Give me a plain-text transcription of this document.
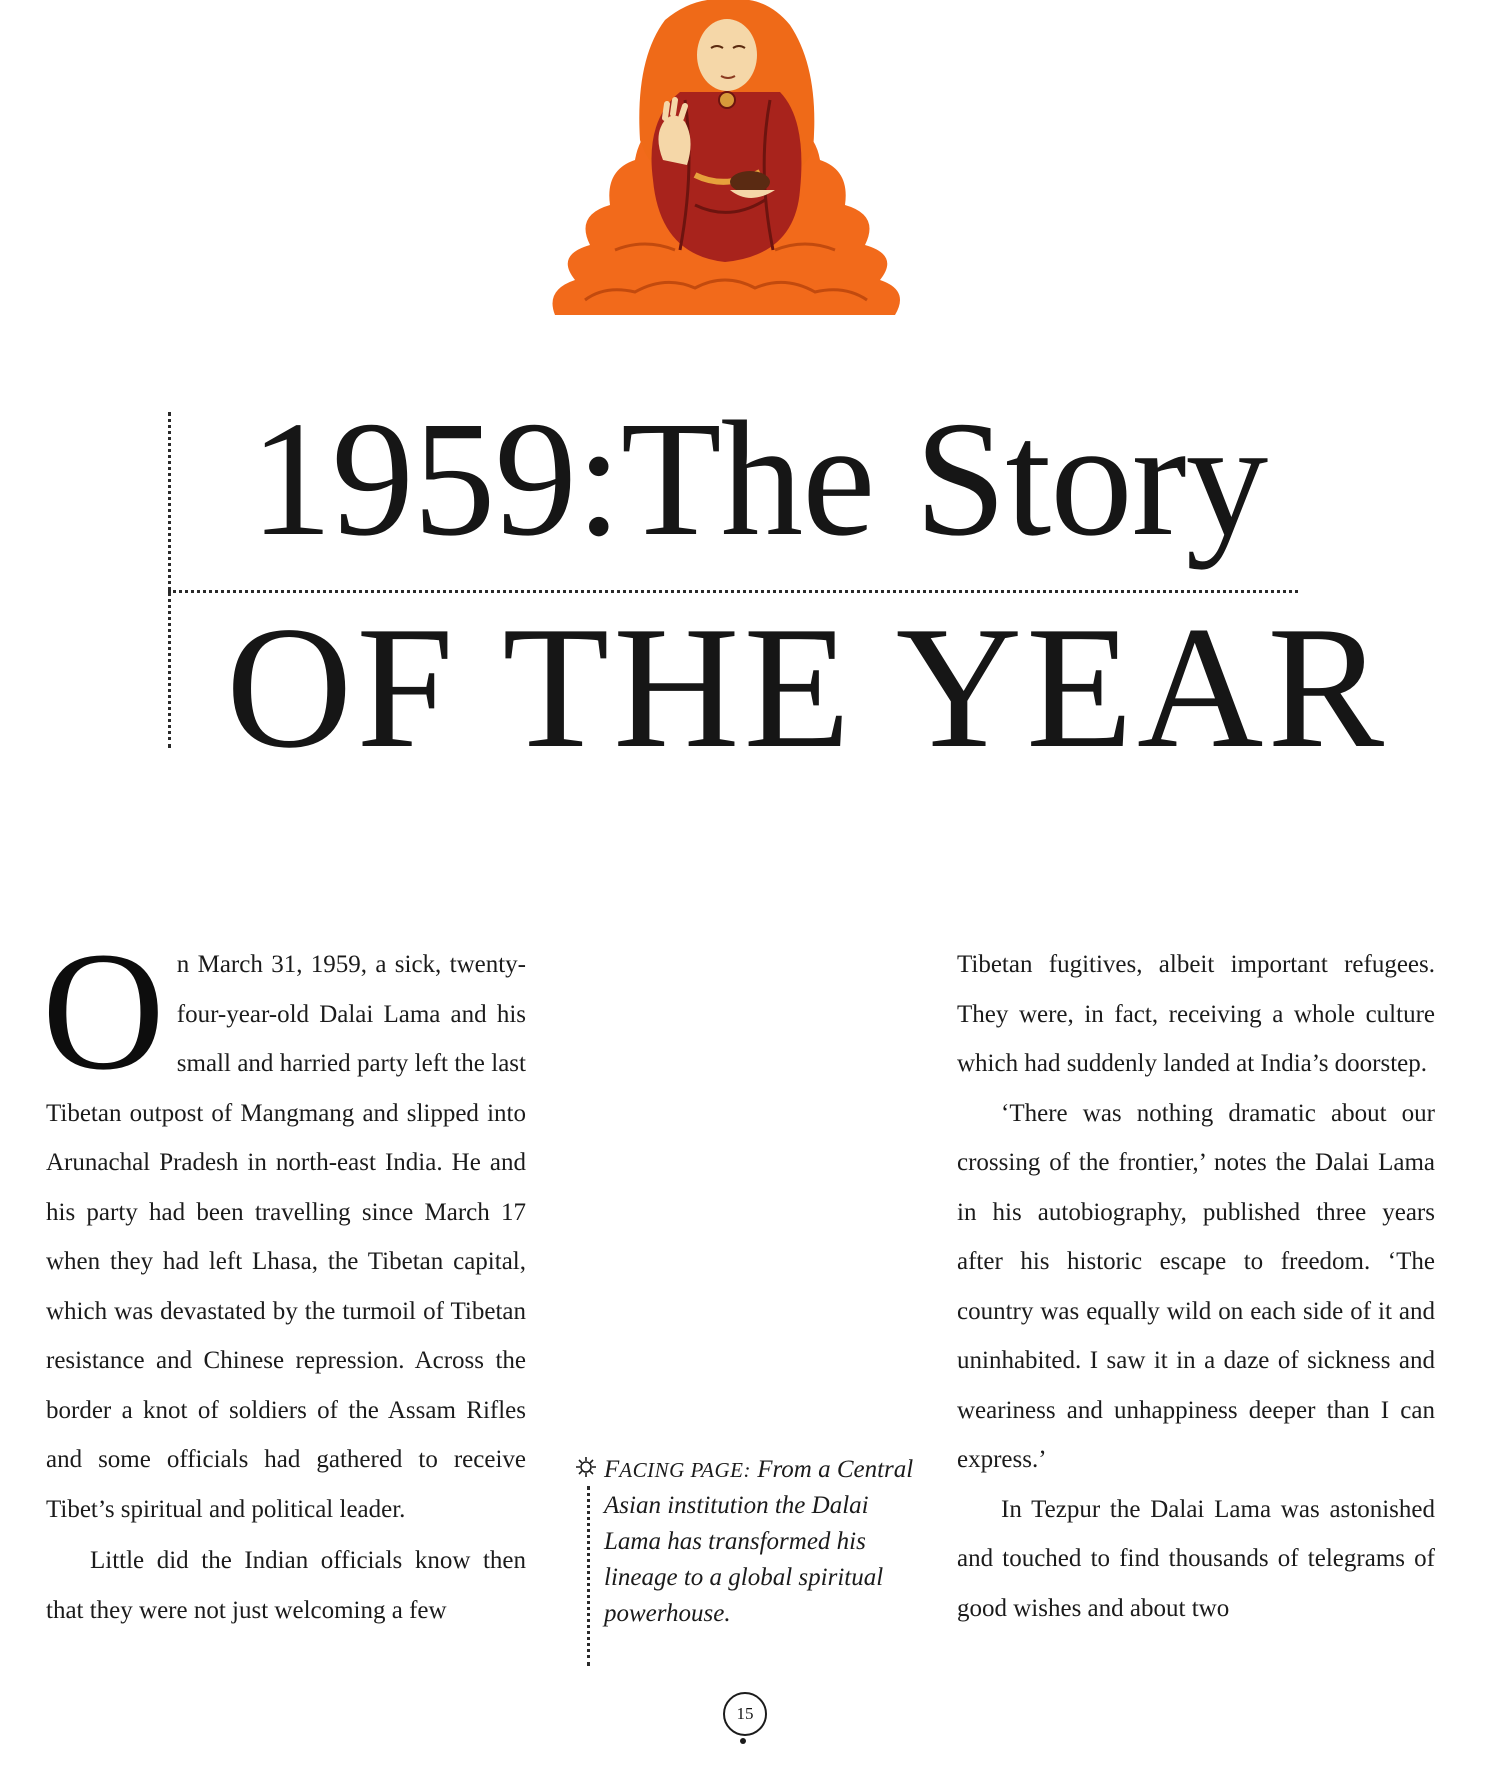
1959:The Story
OF THE YEAR
O n March 31, 1959, a sick, twenty-four-year-old Dalai Lama and his small and harried party left the last Tibetan outpost of Mangmang and slipped into Arunachal Pradesh in north-east India. He and his party had been travelling since March 17 when they had left Lhasa, the Tibetan capital, which was devastated by the turmoil of Tibetan resistance and Chinese repression. Across the border a knot of soldiers of the Assam Rifles and some officials had gathered to receive Tibet’s spiritual and political leader.

Little did the Indian officials know then that they were not just welcoming a few

FACING PAGE: From a Central Asian institution the Dalai Lama has transformed his lineage to a global spiritual powerhouse.

Tibetan fugitives, albeit important refugees. They were, in fact, receiving a whole culture which had suddenly landed at India’s doorstep.

‘There was nothing dramatic about our crossing of the frontier,’ notes the Dalai Lama in his autobiography, published three years after his historic escape to freedom. ‘The country was equally wild on each side of it and uninhabited. I saw it in a daze of sickness and weariness and unhappiness deeper than I can express.’

In Tezpur the Dalai Lama was astonished and touched to find thousands of telegrams of good wishes and about two

15
